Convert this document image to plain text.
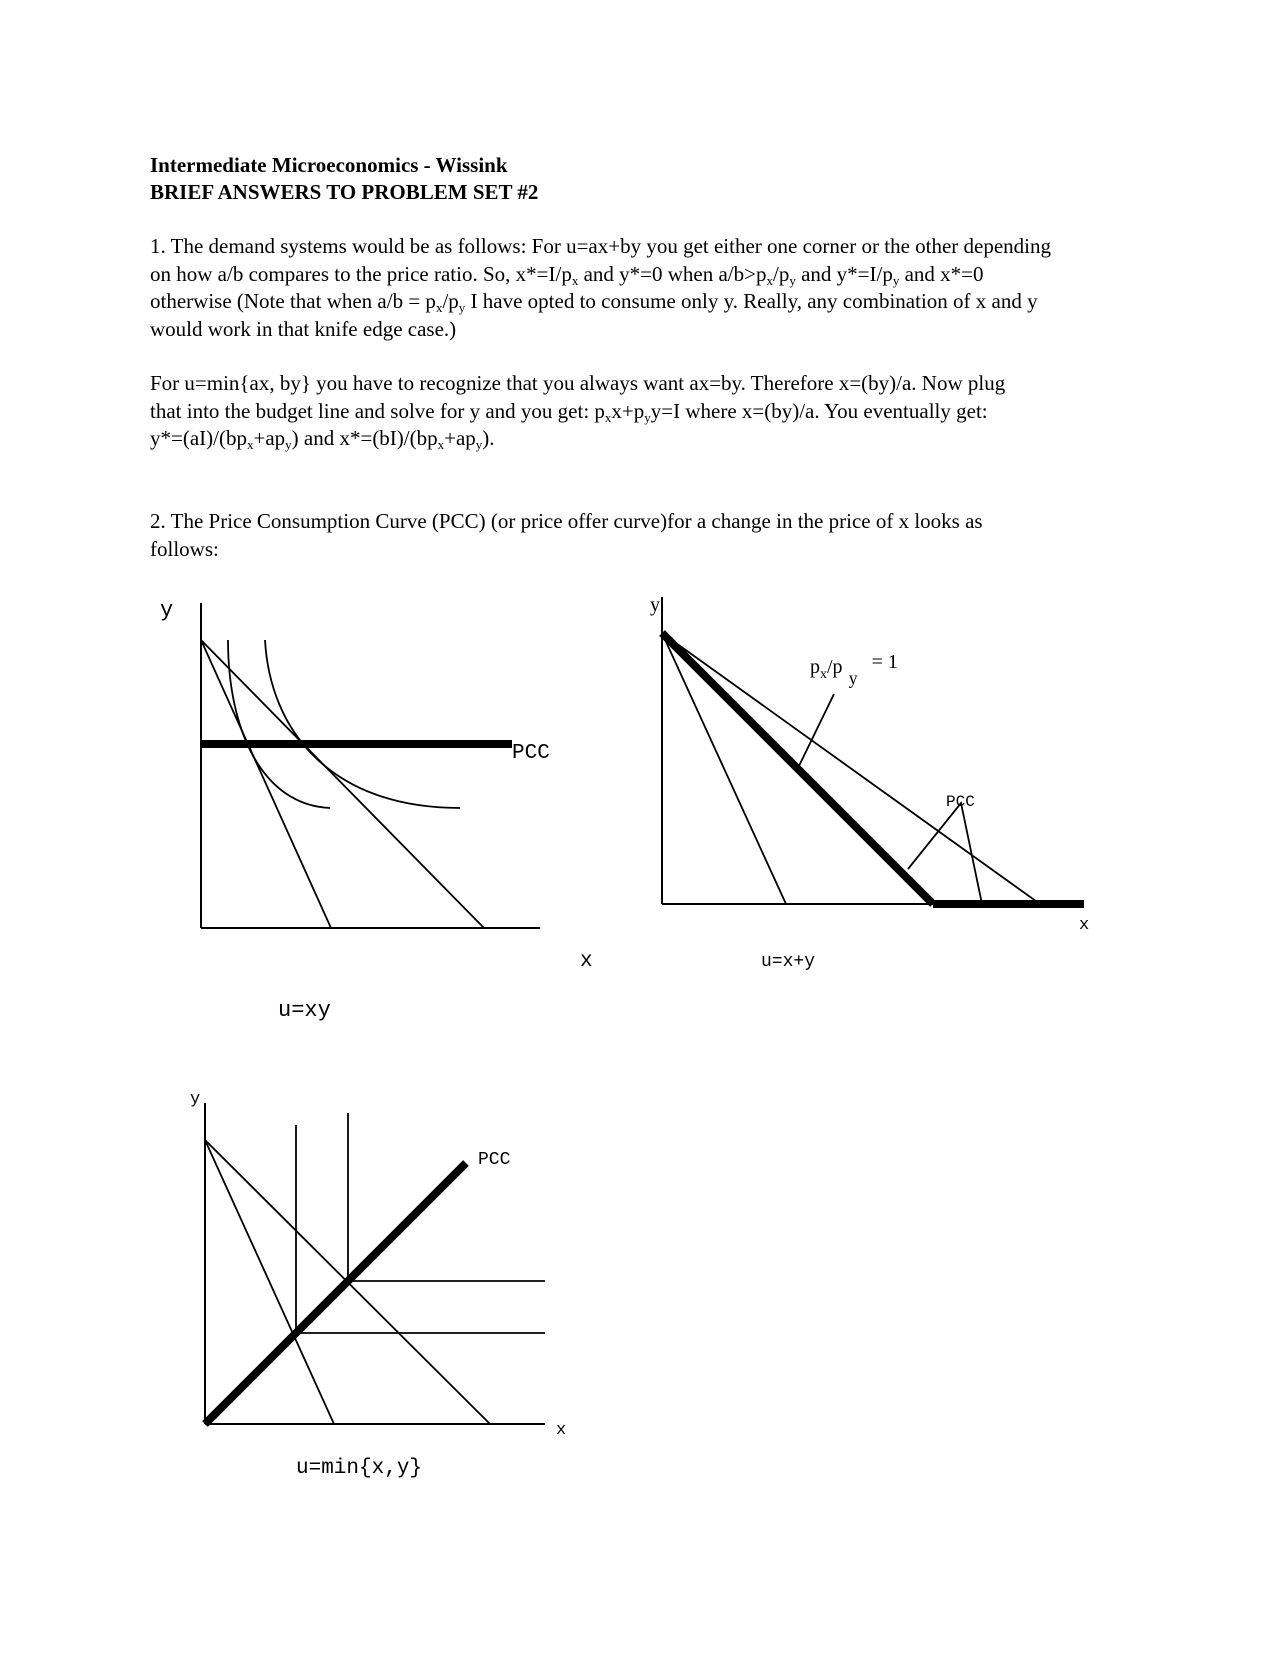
Intermediate Microeconomics - Wissink
BRIEF ANSWERS TO PROBLEM SET #2
1. The demand systems would be as follows: For u=ax+by you get either one corner or the other depending
on how a/b compares to the price ratio. So, $x*=I/p_x$ and y*=0 when $a/b>p_x/p_y$ and $y*=I/p_y$ and x*=0
otherwise (Note that when $a/b = p_x/p_y$ I have opted to consume only y. Really, any combination of x and y
would work in that knife edge case.)
For u=min{ax, by} you have to recognize that you always want ax=by. Therefore x=(by)/a. Now plug
that into the budget line and solve for y and you get: $p_xx+p_yy=I$ where x=(by)/a. You eventually get:
$y*=(aI)/(bp_x+ap_y)$ and $x*=(bI)/(bp_x+ap_y)$.
2. The Price Consumption Curve (PCC) (or price offer curve)for a change in the price of x looks as
follows:
y
PCC
x
u=xy
y
$p_x/p$ y= 1
PCC
x
u=x+y
y
PCC
x
u=min{x,y}
